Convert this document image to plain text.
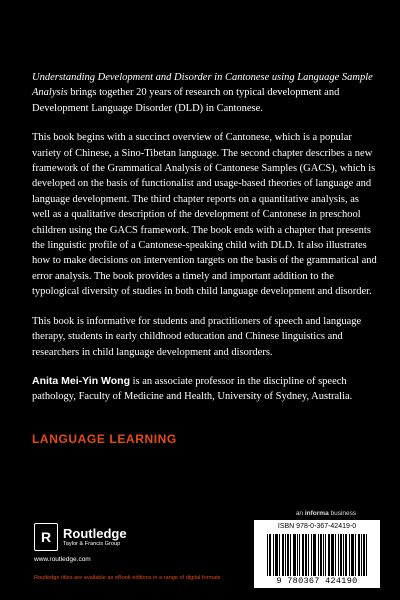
Understanding Development and Disorder in Cantonese using Language Sample Analysis brings together 20 years of research on typical development and Development Language Disorder (DLD) in Cantonese.

This book begins with a succinct overview of Cantonese, which is a popular variety of Chinese, a Sino-Tibetan language. The second chapter describes a new framework of the Grammatical Analysis of Cantonese Samples (GACS), which is developed on the basis of functionalist and usage-based theories of language and language development. The third chapter reports on a quantitative analysis, as well as a qualitative description of the development of Cantonese in preschool children using the GACS framework. The book ends with a chapter that presents the linguistic profile of a Cantonese-speaking child with DLD. It also illustrates how to make decisions on intervention targets on the basis of the grammatical and error analysis. The book provides a timely and important addition to the typological diversity of studies in both child language development and disorder.

This book is informative for students and practitioners of speech and language therapy, students in early childhood education and Chinese linguistics and researchers in child language development and disorders.

Anita Mei-Yin Wong is an associate professor in the discipline of speech pathology, Faculty of Medicine and Health, University of Sydney, Australia.

LANGUAGE LEARNING
R Routledge
Taylor & Francis Group
www.routledge.com
Routledge titles are available as eBook editions in a range of digital formats
an informa business
ISBN 978-0-367-42419-0
9 780367 424190
